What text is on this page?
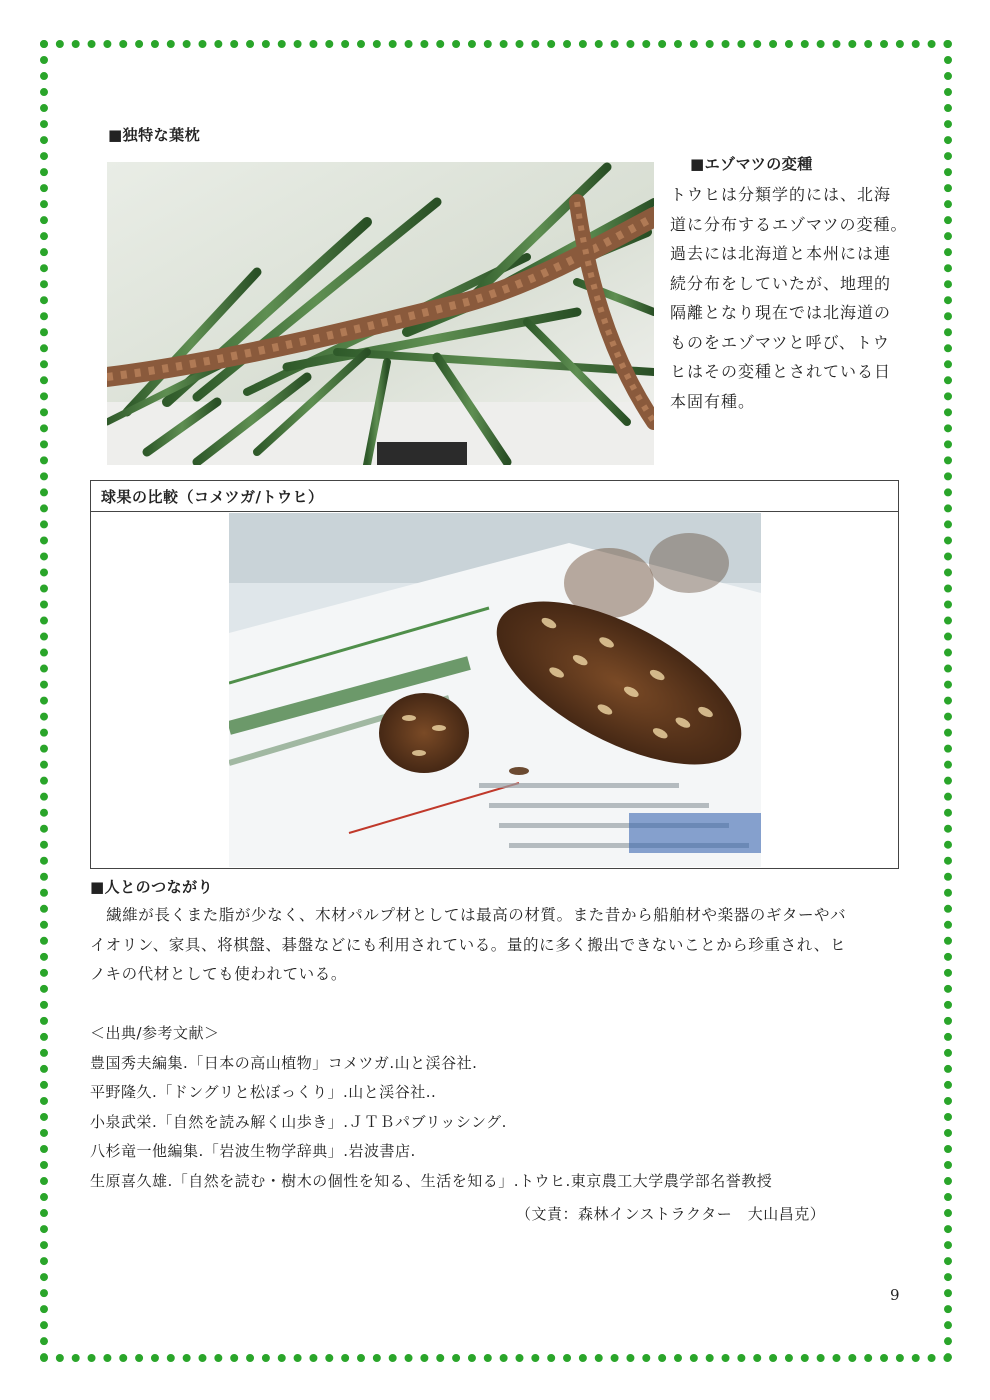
■独特な葉枕
■エゾマツの変種
トウヒは分類学的には、北海
道に分布するエゾマツの変種。
過去には北海道と本州には連
続分布をしていたが、地理的
隔離となり現在では北海道の
ものをエゾマツと呼び、トウ
ヒはその変種とされている日
本固有種。
球果の比較（コメツガ/トウヒ）
■人とのつながり
　繊維が長くまた脂が少なく、木材パルプ材としては最高の材質。また昔から船舶材や楽器のギターやバ
イオリン、家具、将棋盤、碁盤などにも利用されている。量的に多く搬出できないことから珍重され、ヒ
ノキの代材としても使われている。
＜出典/参考文献＞
豊国秀夫編集.「日本の高山植物」コメツガ.山と渓谷社.
平野隆久.「ドングリと松ぼっくり」.山と渓谷社..
小泉武栄.「自然を読み解く山歩き」.ＪＴＢパブリッシング.
八杉竜一他編集.「岩波生物学辞典」.岩波書店.
生原喜久雄.「自然を読む・樹木の個性を知る、生活を知る」.トウヒ.東京農工大学農学部名誉教授
（文責：森林インストラクター　大山昌克）
9
